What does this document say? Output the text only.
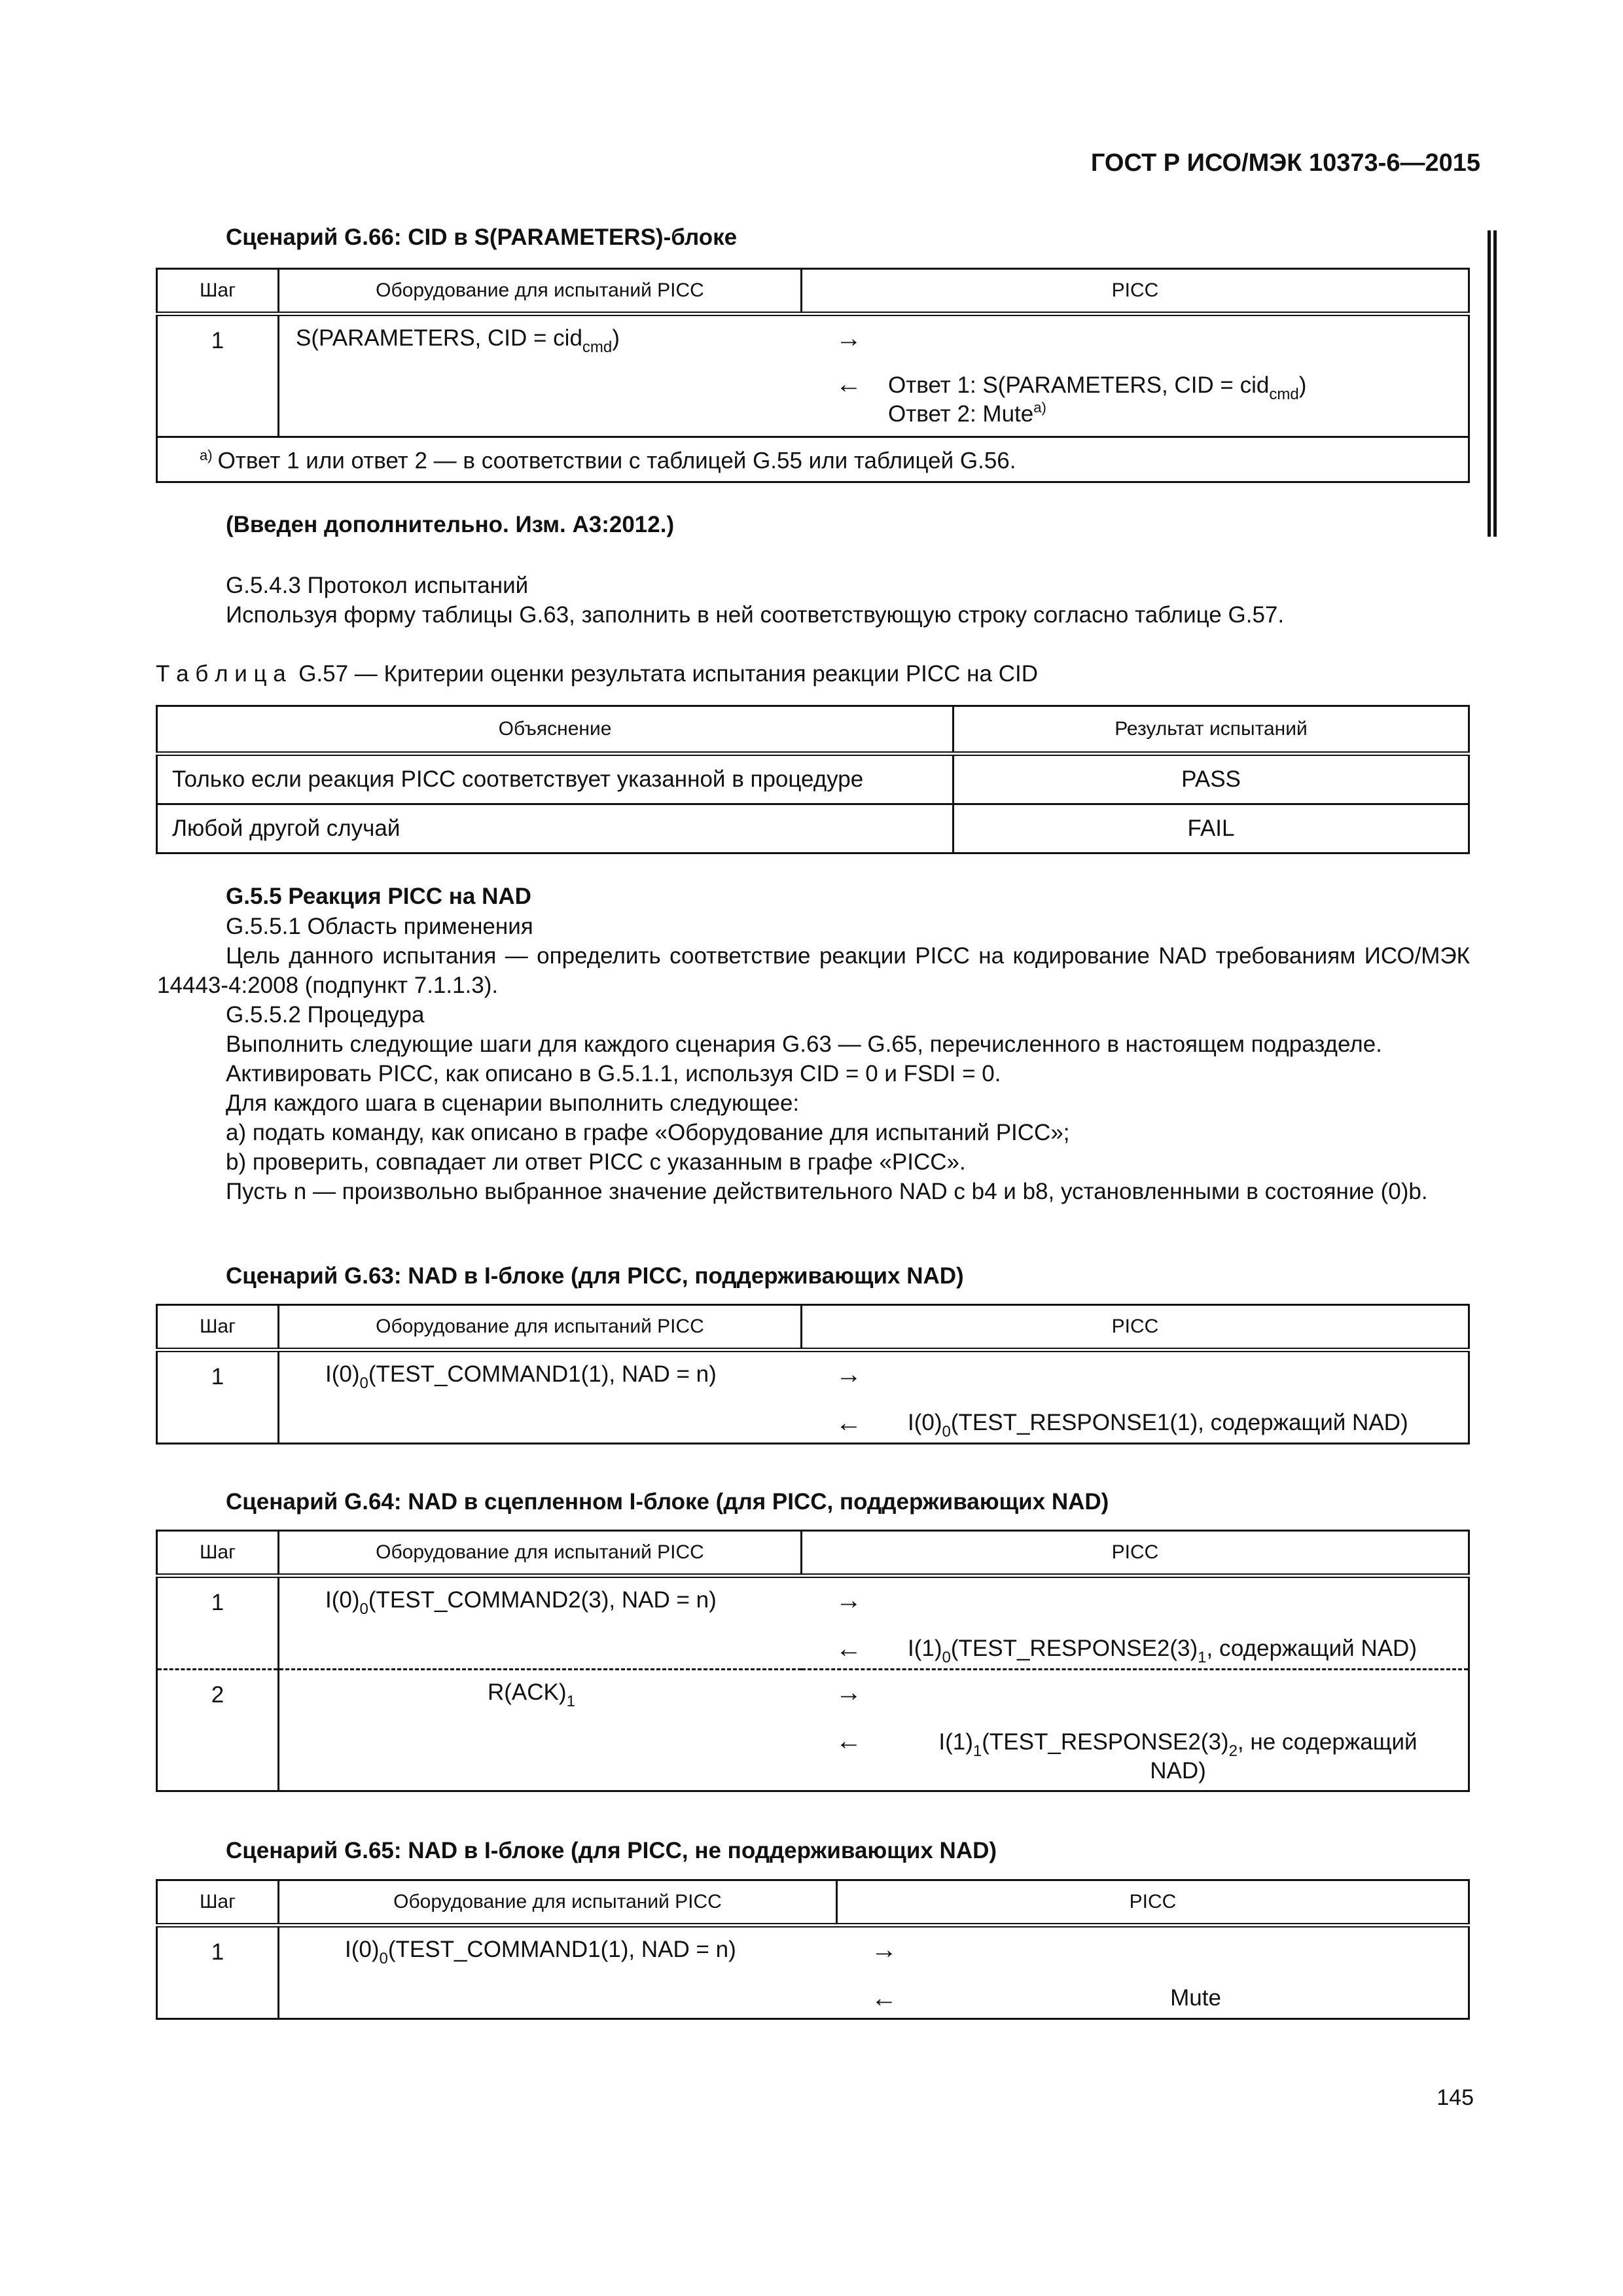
ГОСТ Р ИСО/МЭК 10373-6—2015
Сценарий G.66: CID в S(PARAMETERS)-блоке
Шаг	Оборудование для испытаний PICC	PICC
1	S(PARAMETERS, CID = cid$_{cmd}$) →
← Ответ 1: S(PARAMETERS, CID = cid$_{cmd}$)
Ответ 2: Mute$^{a)}$

$^{a)}$ Ответ 1 или ответ 2 — в соответствии с таблицей G.55 или таблицей G.56.		
(Введен дополнительно. Изм. А3:2012.)
G.5.4.3 Протокол испытаний
Используя форму таблицы G.63, заполнить в ней соответствующую строку согласно таблице G.57.
Т а б л и ц а G.57 — Критерии оценки результата испытания реакции PICC на CID
Объяснение	Результат испытаний
Только если реакция PICC соответствует указанной в процедуре	PASS
Любой другой случай	FAIL
G.5.5 Реакция PICC на NAD
G.5.5.1 Область применения
Цель данного испытания — определить соответствие реакции PICC на кодирование NAD требованиям ИСО/МЭК 14443-4:2008 (подпункт 7.1.1.3).
G.5.5.2 Процедура
Выполнить следующие шаги для каждого сценария G.63 — G.65, перечисленного в настоящем подразделе.
Активировать PICC, как описано в G.5.1.1, используя CID = 0 и FSDI = 0.
Для каждого шага в сценарии выполнить следующее:
a) подать команду, как описано в графе «Оборудование для испытаний PICC»;
b) проверить, совпадает ли ответ PICC с указанным в графе «PICC».
Пусть n — произвольно выбранное значение действительного NAD с b4 и b8, установленными в состояние (0)b.
Сценарий G.63: NAD в I-блоке (для PICC, поддерживающих NAD)
Шаг	Оборудование для испытаний PICC	PICC
1	$I(0)_0(TEST\_COMMAND1(1)$, NAD = n) →
← $I(0)_0(TEST\_RESPONSE1(1)$, содержащий NAD)	
Сценарий G.64: NAD в сцепленном I-блоке (для PICC, поддерживающих NAD)
Шаг	Оборудование для испытаний PICC	PICC
1	$I(0)_0(TEST\_COMMAND2(3)$, NAD = n) →
← $I(1)_0(TEST\_RESPONSE2(3)_1$, содержащий NAD)	

2	$R(ACK)_1$ →
← $I(1)_1(TEST\_RESPONSE2(3)_2$, не содержащий
NAD)	
Сценарий G.65: NAD в I-блоке (для PICC, не поддерживающих NAD)
Шаг	Оборудование для испытаний PICC	PICC
1	$I(0)_0(TEST\_COMMAND1(1)$, NAD = n) →
← Mute	
145
